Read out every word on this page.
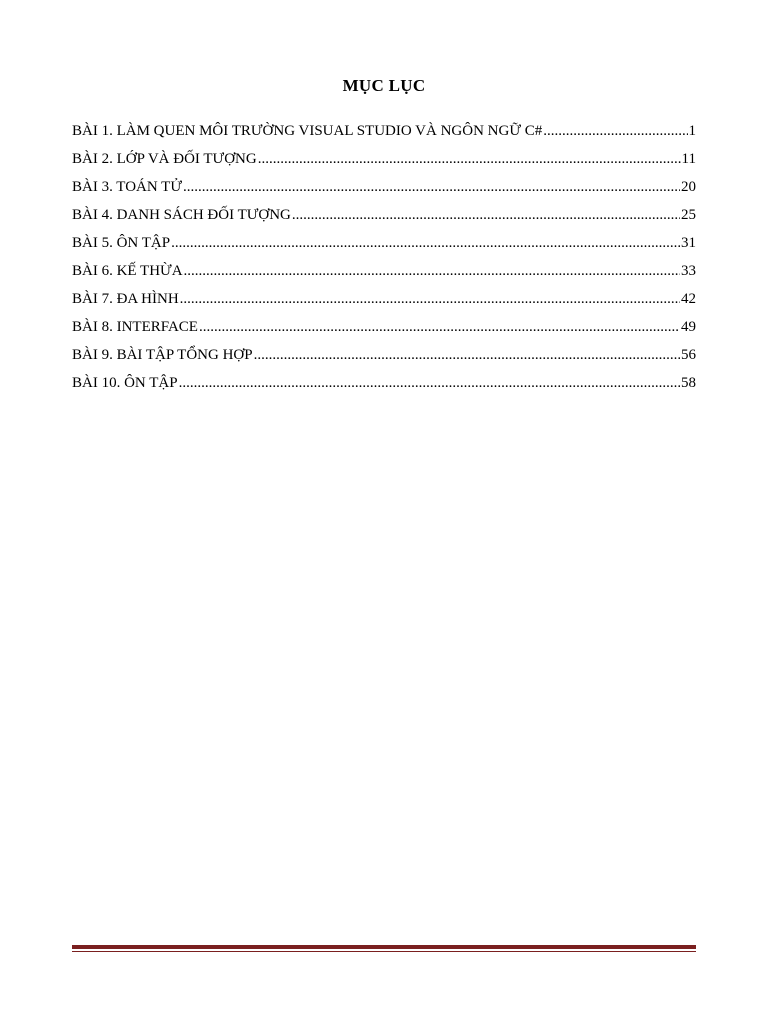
MỤC LỤC
BÀI 1. LÀM QUEN MÔI TRƯỜNG VISUAL STUDIO VÀ NGÔN NGỮ C# .....	1
BÀI 2. LỚP VÀ ĐỐI TƯỢNG .....	11
BÀI 3. TOÁN TỬ .....	20
BÀI 4. DANH SÁCH ĐỐI TƯỢNG .....	25
BÀI 5. ÔN TẬP .....	31
BÀI 6. KẾ THỪA .....	33
BÀI 7. ĐA HÌNH .....	42
BÀI 8. INTERFACE .....	49
BÀI 9. BÀI TẬP TỔNG HỢP .....	56
BÀI 10. ÔN TẬP .....	58
